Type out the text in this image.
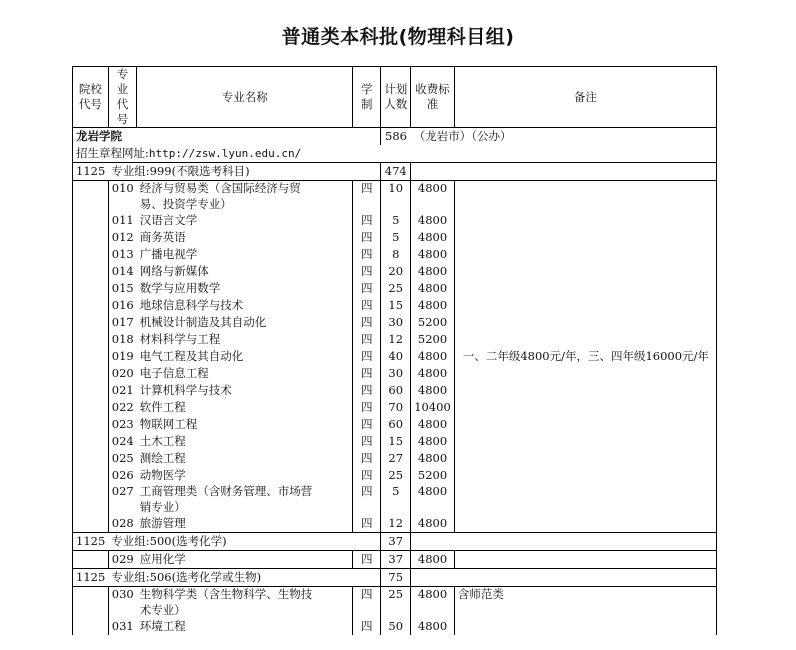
普通类本科批(物理科目组)
院校代号	专业代号	专业名称	学制	计划人数	收费标准	备注
龙岩学院				586	（龙岩市）（公办）	
招生章程网址:http://zsw.lyun.edu.cn/						
1125	专业组:999(不限选考科目)			474		
	010	经济与贸易类（含国际经济与贸
易、投资学专业）	四	10	4800	一、二年级4800元/年，三、四年级16000元/年
	011	汉语言文学	四	5	4800	
	012	商务英语	四	5	4800	
	013	广播电视学	四	8	4800	
	014	网络与新媒体	四	20	4800	
	015	数学与应用数学	四	25	4800	
	016	地球信息科学与技术	四	15	4800	
	017	机械设计制造及其自动化	四	30	5200	
	018	材料科学与工程	四	12	5200	
	019	电气工程及其自动化	四	40	4800	
	020	电子信息工程	四	30	4800	
	021	计算机科学与技术	四	60	4800	
	022	软件工程	四	70	10400	
	023	物联网工程	四	60	4800	
	024	土木工程	四	15	4800	
	025	测绘工程	四	27	4800	
	026	动物医学	四	25	5200	
	027	工商管理类（含财务管理、市场营
销专业）	四	5	4800	
	028	旅游管理	四	12	4800	
1125	专业组:500(选考化学)			37		
	029	应用化学	四	37	4800	
1125	专业组:506(选考化学或生物)			75		
	030	生物科学类（含生物科学、生物技
术专业）	四	25	4800	含师范类
	031	环境工程	四	50	4800	
